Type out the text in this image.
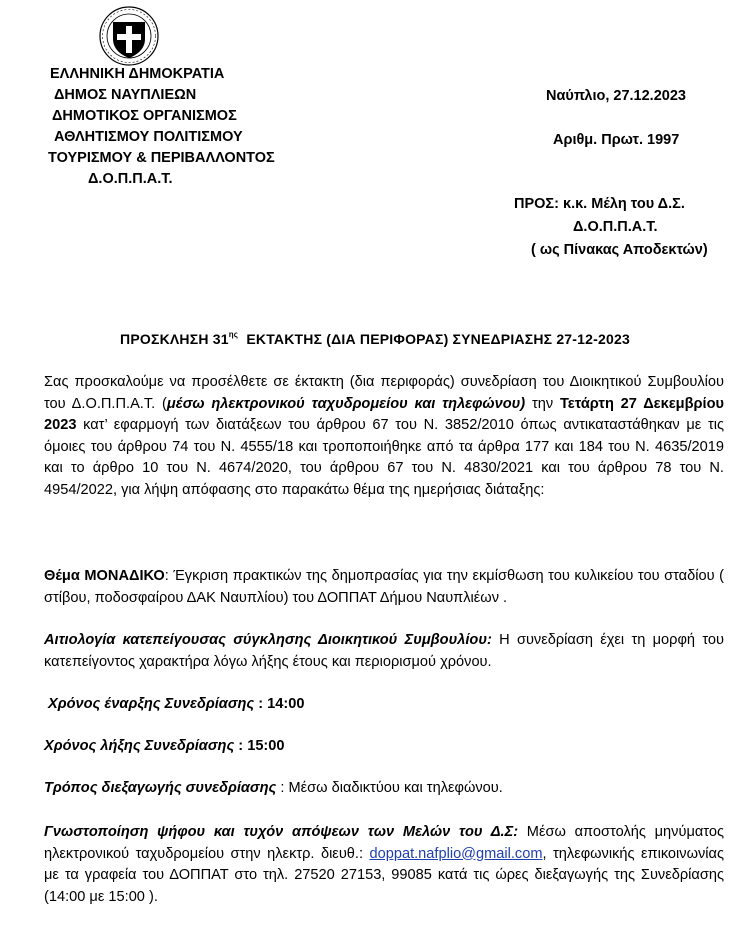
ΕΛΛΗΝΙΚΗ ΔΗΜΟΚΡΑΤΙΑ
ΔΗΜΟΣ ΝΑΥΠΛΙΕΩΝ
ΔΗΜΟΤΙΚΟΣ ΟΡΓΑΝΙΣΜΟΣ
ΑΘΛΗΤΙΣΜΟΥ ΠΟΛΙΤΙΣΜΟΥ
ΤΟΥΡΙΣΜΟΥ & ΠΕΡΙΒΑΛΛΟΝΤΟΣ
Δ.Ο.Π.Π.Α.Τ.
Ναύπλιο, 27.12.2023
Αριθμ. Πρωτ. 1997
ΠΡΟΣ: κ.κ. Μέλη του Δ.Σ.
Δ.Ο.Π.Π.Α.Τ.
( ως Πίνακας Αποδεκτών)
ΠΡΟΣΚΛΗΣΗ $31^{\eta\varsigma}$ ΕΚΤΑΚΤΗΣ (ΔΙΑ ΠΕΡΙΦΟΡΑΣ) ΣΥΝΕΔΡΙΑΣΗΣ 27-12-2023
Σας προσκαλούμε να προσέλθετε σε έκτακτη (δια περιφοράς) συνεδρίαση του Διοικητικού Συμβουλίου του Δ.Ο.Π.Π.Α.Τ. (μέσω ηλεκτρονικού ταχυδρομείου και τηλεφώνου) την Τετάρτη 27 Δεκεμβρίου 2023 κατ’ εφαρμογή των διατάξεων του άρθρου 67 του Ν. 3852/2010 όπως αντικαταστάθηκαν με τις όμοιες του άρθρου 74 του Ν. 4555/18 και τροποποιήθηκε από τα άρθρα 177 και 184 του Ν. 4635/2019 και το άρθρο 10 του Ν. 4674/2020, του άρθρου 67 του Ν. 4830/2021 και του άρθρου 78 του Ν. 4954/2022, για λήψη απόφασης στο παρακάτω θέμα της ημερήσιας διάταξης:
Θέμα ΜΟΝΑΔΙΚΟ: Έγκριση πρακτικών της δημοπρασίας για την εκμίσθωση του κυλικείου του σταδίου ( στίβου, ποδοσφαίρου ΔΑΚ Ναυπλίου) του ΔΟΠΠΑΤ Δήμου Ναυπλιέων .
Αιτιολογία κατεπείγουσας σύγκλησης Διοικητικού Συμβουλίου: Η συνεδρίαση έχει τη μορφή του κατεπείγοντος χαρακτήρα λόγω λήξης έτους και περιορισμού χρόνου.
Χρόνος έναρξης Συνεδρίασης : 14:00
Χρόνος λήξης Συνεδρίασης : 15:00
Τρόπος διεξαγωγής συνεδρίασης : Μέσω διαδικτύου και τηλεφώνου.
Γνωστοποίηση ψήφου και τυχόν απόψεων των Μελών του Δ.Σ: Μέσω αποστολής μηνύματος ηλεκτρονικού ταχυδρομείου στην ηλεκτρ. διευθ.: doppat.nafplio@gmail.com, τηλεφωνικής επικοινωνίας με τα γραφεία του ΔΟΠΠΑΤ στο τηλ. 27520 27153, 99085 κατά τις ώρες διεξαγωγής της Συνεδρίασης (14:00 με 15:00 ).
